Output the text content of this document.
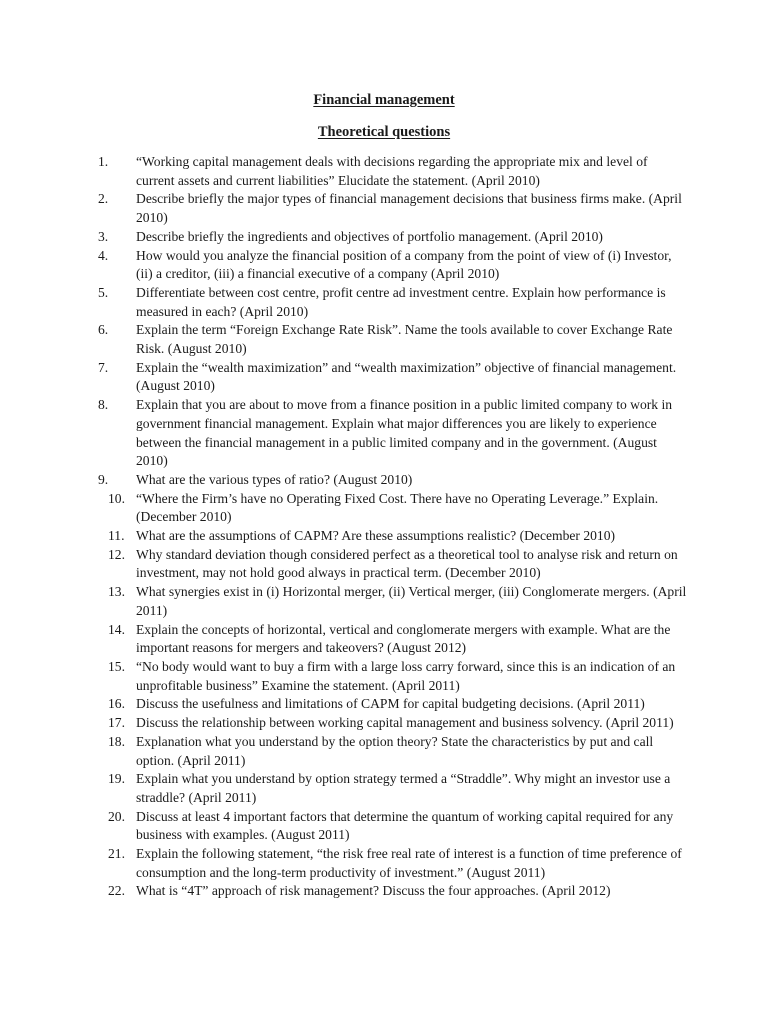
Financial management
Theoretical questions
1.	“Working capital management deals with decisions regarding the appropriate mix and level of current assets and current liabilities” Elucidate the statement. (April 2010)
2.	Describe briefly the major types of financial management decisions that business firms make. (April 2010)
3.	Describe briefly the ingredients and objectives of portfolio management. (April 2010)
4.	How would you analyze the financial position of a company from the point of view of (i) Investor, (ii) a creditor, (iii) a financial executive of a company (April 2010)
5.	Differentiate between cost centre, profit centre ad investment centre. Explain how performance is measured in each? (April 2010)
6.	Explain the term “Foreign Exchange Rate Risk”. Name the tools available to cover Exchange Rate Risk. (August 2010)
7.	Explain the “wealth maximization” and “wealth maximization” objective of financial management. (August 2010)
8.	Explain that you are about to move from a finance position in a public limited company to work in government financial management. Explain what major differences you are likely to experience between the financial management in a public limited company and in the government. (August 2010)
9.	What are the various types of ratio? (August 2010)
10. “Where the Firm’s have no Operating Fixed Cost. There have no Operating Leverage.” Explain. (December 2010)
11. What are the assumptions of CAPM? Are these assumptions realistic? (December 2010)
12. Why standard deviation though considered perfect as a theoretical tool to analyse risk and return on investment, may not hold good always in practical term. (December 2010)
13. What synergies exist in (i) Horizontal merger, (ii) Vertical merger, (iii) Conglomerate mergers. (April 2011)
14. Explain the concepts of horizontal, vertical and conglomerate mergers with example. What are the important reasons for mergers and takeovers? (August 2012)
15. “No body would want to buy a firm with a large loss carry forward, since this is an indication of an unprofitable business” Examine the statement. (April 2011)
16. Discuss the usefulness and limitations of CAPM for capital budgeting decisions. (April 2011)
17. Discuss the relationship between working capital management and business solvency. (April 2011)
18. Explanation what you understand by the option theory? State the characteristics by put and call option. (April 2011)
19. Explain what you understand by option strategy termed a “Straddle”. Why might an investor use a straddle? (April 2011)
20. Discuss at least 4 important factors that determine the quantum of working capital required for any business with examples. (August 2011)
21. Explain the following statement, “the risk free real rate of interest is a function of time preference of consumption and the long-term productivity of investment.” (August 2011)
22. What is “4T” approach of risk management? Discuss the four approaches. (April 2012)
